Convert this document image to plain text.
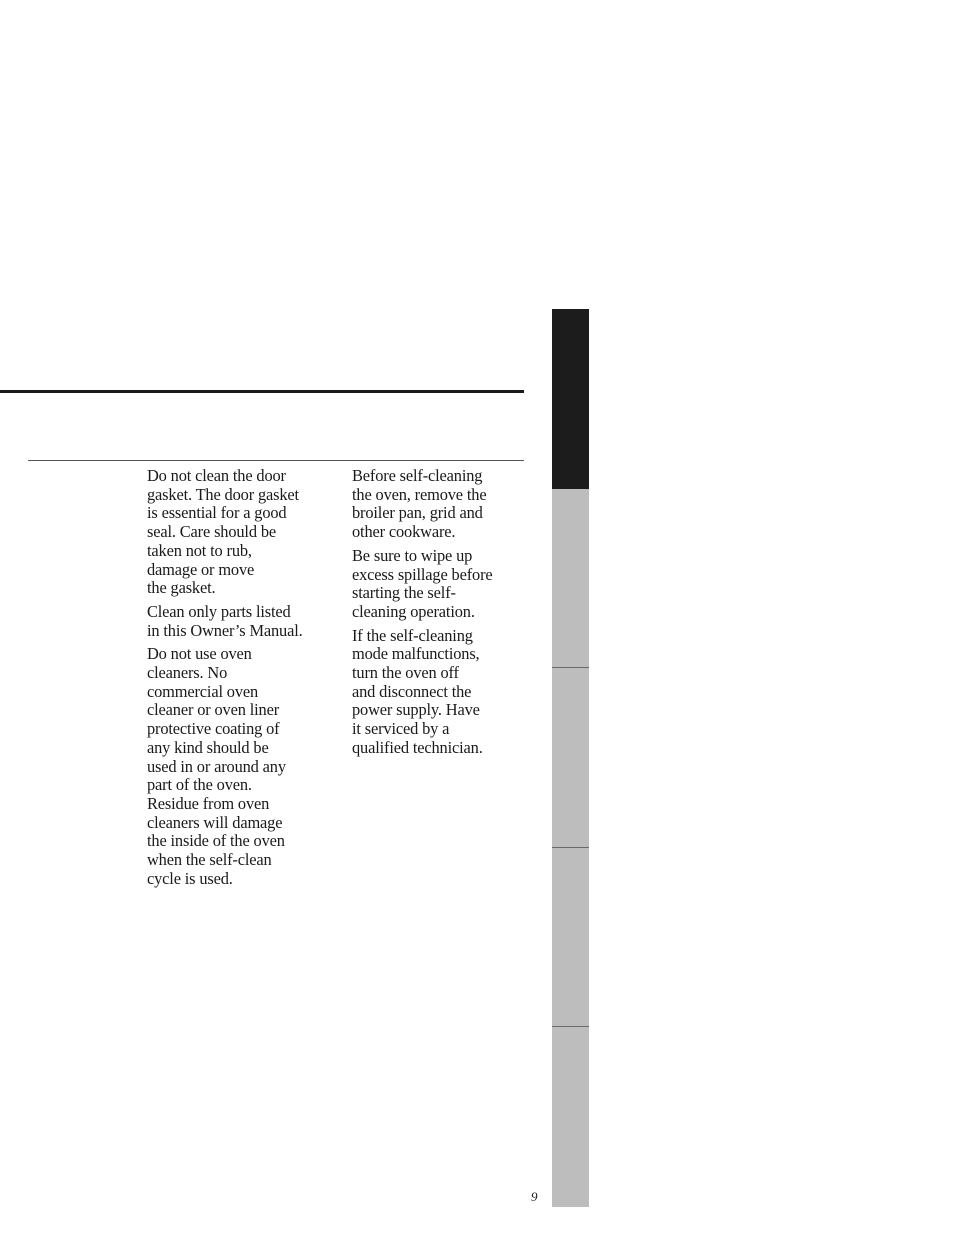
Do not clean the door
gasket. The door gasket
is essential for a good
seal. Care should be
taken not to rub,
damage or move
the gasket.

Clean only parts listed
in this Owner’s Manual.

Do not use oven
cleaners. No
commercial oven
cleaner or oven liner
protective coating of
any kind should be
used in or around any
part of the oven.
Residue from oven
cleaners will damage
the inside of the oven
when the self-clean
cycle is used.

Before self-cleaning
the oven, remove the
broiler pan, grid and
other cookware.

Be sure to wipe up
excess spillage before
starting the self-
cleaning operation.

If the self-cleaning
mode malfunctions,
turn the oven off
and disconnect the
power supply. Have
it serviced by a
qualified technician.

9
